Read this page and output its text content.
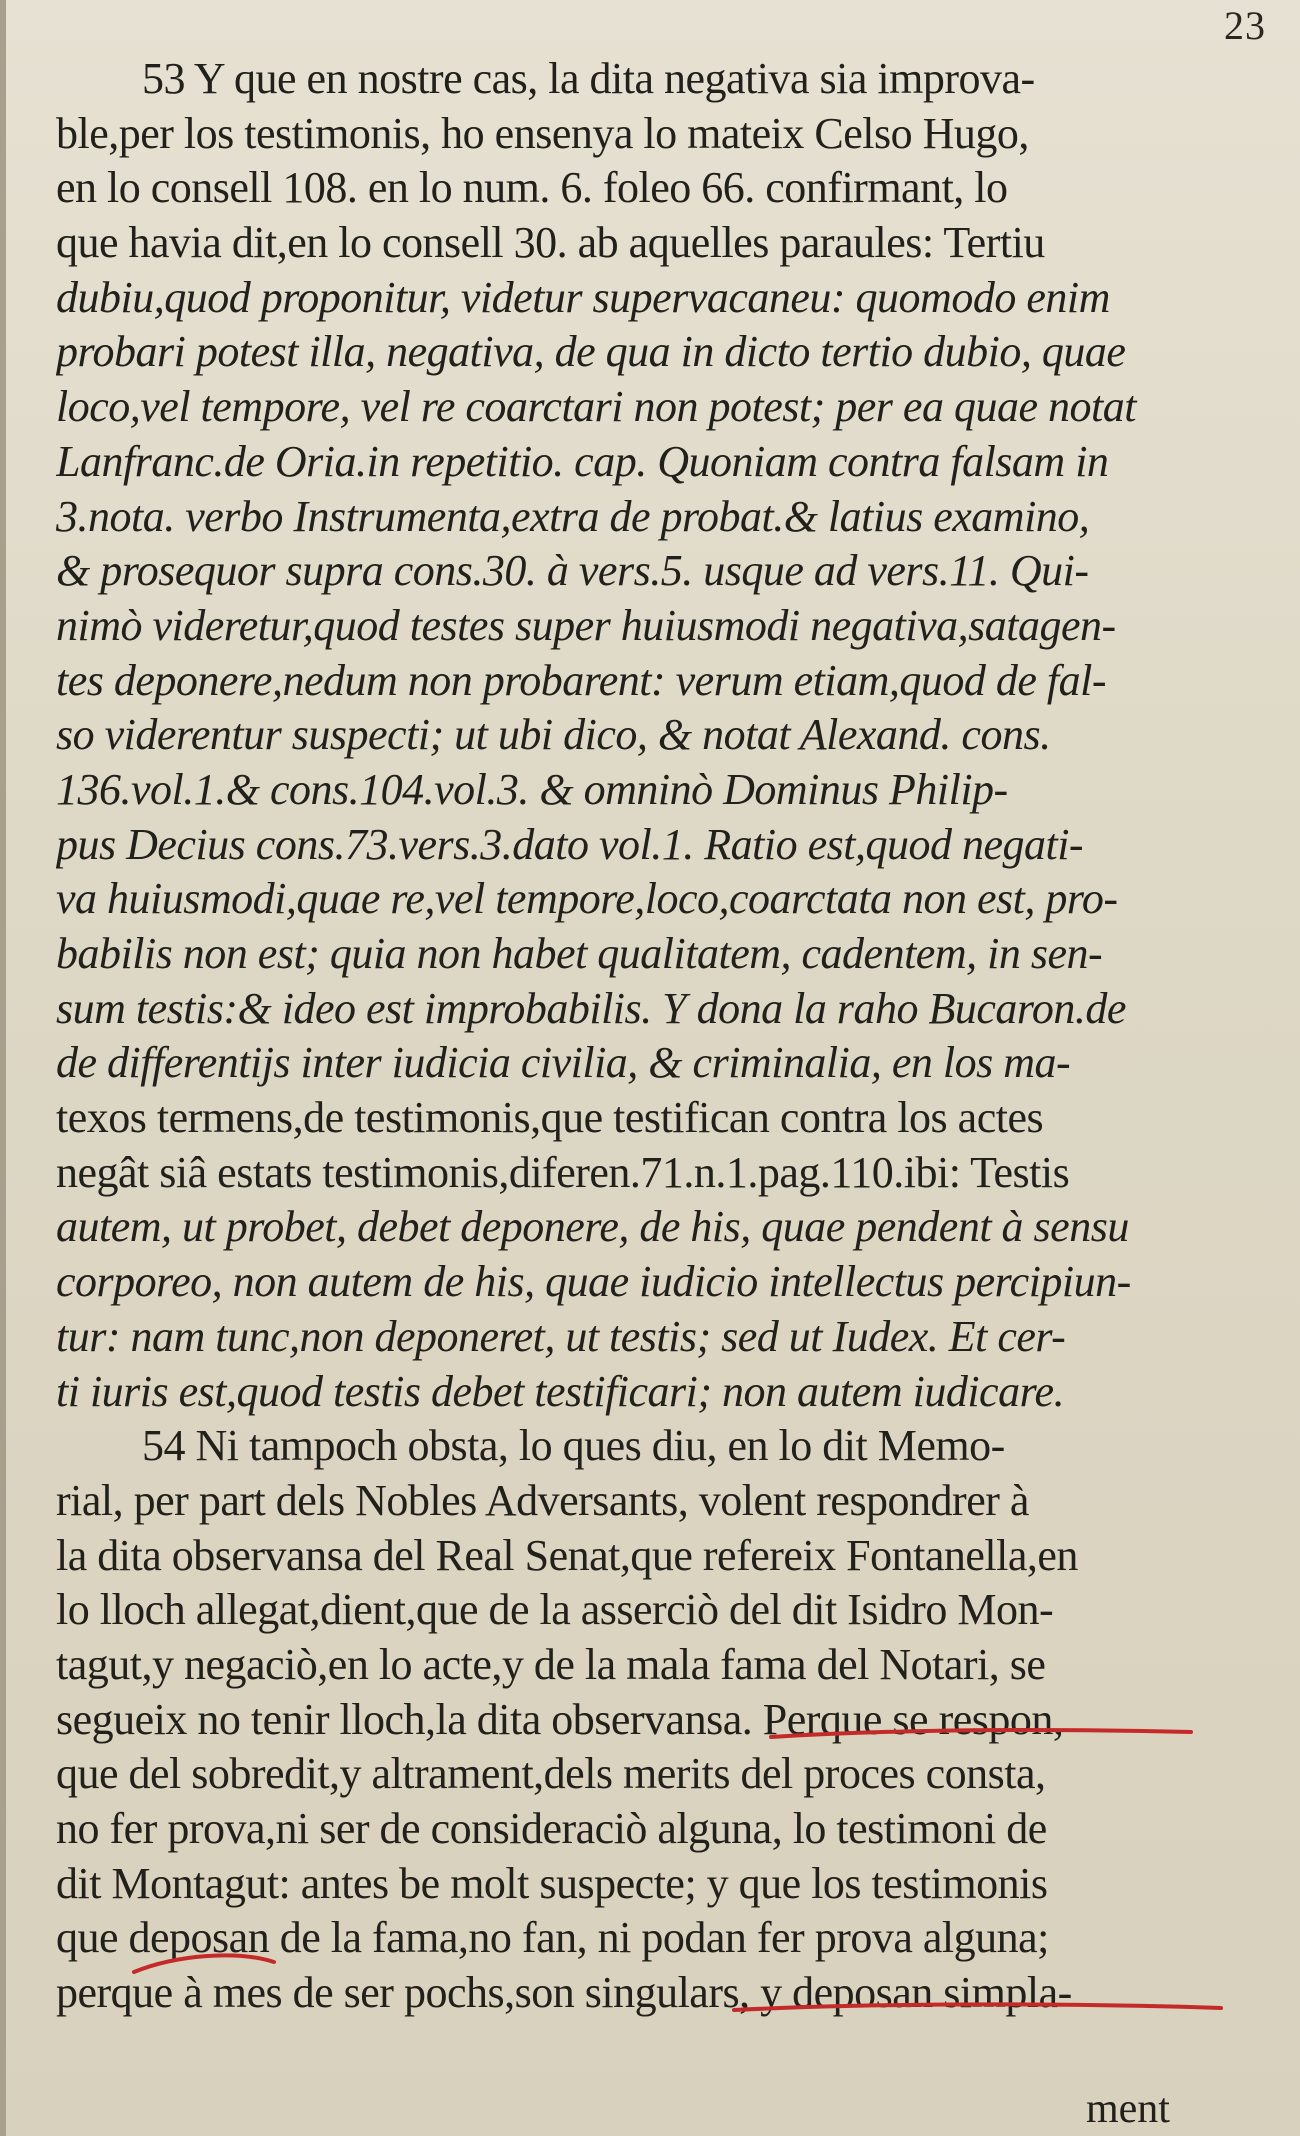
23
53 Y que en nostre cas, la dita negativa sia improva-
ble,per los testimonis, ho ensenya lo mateix Celso Hugo,
en lo consell 108. en lo num. 6. foleo 66. confirmant, lo
que havia dit,en lo consell 30. ab aquelles paraules: Tertiu
dubiu,quod proponitur, videtur supervacaneu: quomodo enim
probari potest illa, negativa, de qua in dicto tertio dubio, quae
loco,vel tempore, vel re coarctari non potest; per ea quae notat
Lanfranc.de Oria.in repetitio. cap. Quoniam contra falsam in
3.nota. verbo Instrumenta,extra de probat.& latius examino,
& prosequor supra cons.30. à vers.5. usque ad vers.11. Qui-
nimò videretur,quod testes super huiusmodi negativa,satagen-
tes deponere,nedum non probarent: verum etiam,quod de fal-
so viderentur suspecti; ut ubi dico, & notat Alexand. cons.
136.vol.1.& cons.104.vol.3. & omninò Dominus Philip-
pus Decius cons.73.vers.3.dato vol.1. Ratio est,quod negati-
va huiusmodi,quae re,vel tempore,loco,coarctata non est, pro-
babilis non est; quia non habet qualitatem, cadentem, in sen-
sum testis:& ideo est improbabilis. Y dona la raho Bucaron.de
de differentijs inter iudicia civilia, & criminalia, en los ma-
texos termens,de testimonis,que testifican contra los actes
negât siâ estats testimonis,diferen.71.n.1.pag.110.ibi: Testis
autem, ut probet, debet deponere, de his, quae pendent à sensu
corporeo, non autem de his, quae iudicio intellectus percipiun-
tur: nam tunc,non deponeret, ut testis; sed ut Iudex. Et cer-
ti iuris est,quod testis debet testificari; non autem iudicare.
54 Ni tampoch obsta, lo ques diu, en lo dit Memo-
rial, per part dels Nobles Adversants, volent respondrer à
la dita observansa del Real Senat,que refereix Fontanella,en
lo lloch allegat,dient,que de la asserciò del dit Isidro Mon-
tagut,y negaciò,en lo acte,y de la mala fama del Notari, se
segueix no tenir lloch,la dita observansa. Perque se respon,
que del sobredit,y altrament,dels merits del proces consta,
no fer prova,ni ser de consideraciò alguna, lo testimoni de
dit Montagut: antes be molt suspecte; y que los testimonis
que deposan de la fama,no fan, ni podan fer prova alguna;
perque à mes de ser pochs,son singulars, y deposan simpla-
ment
